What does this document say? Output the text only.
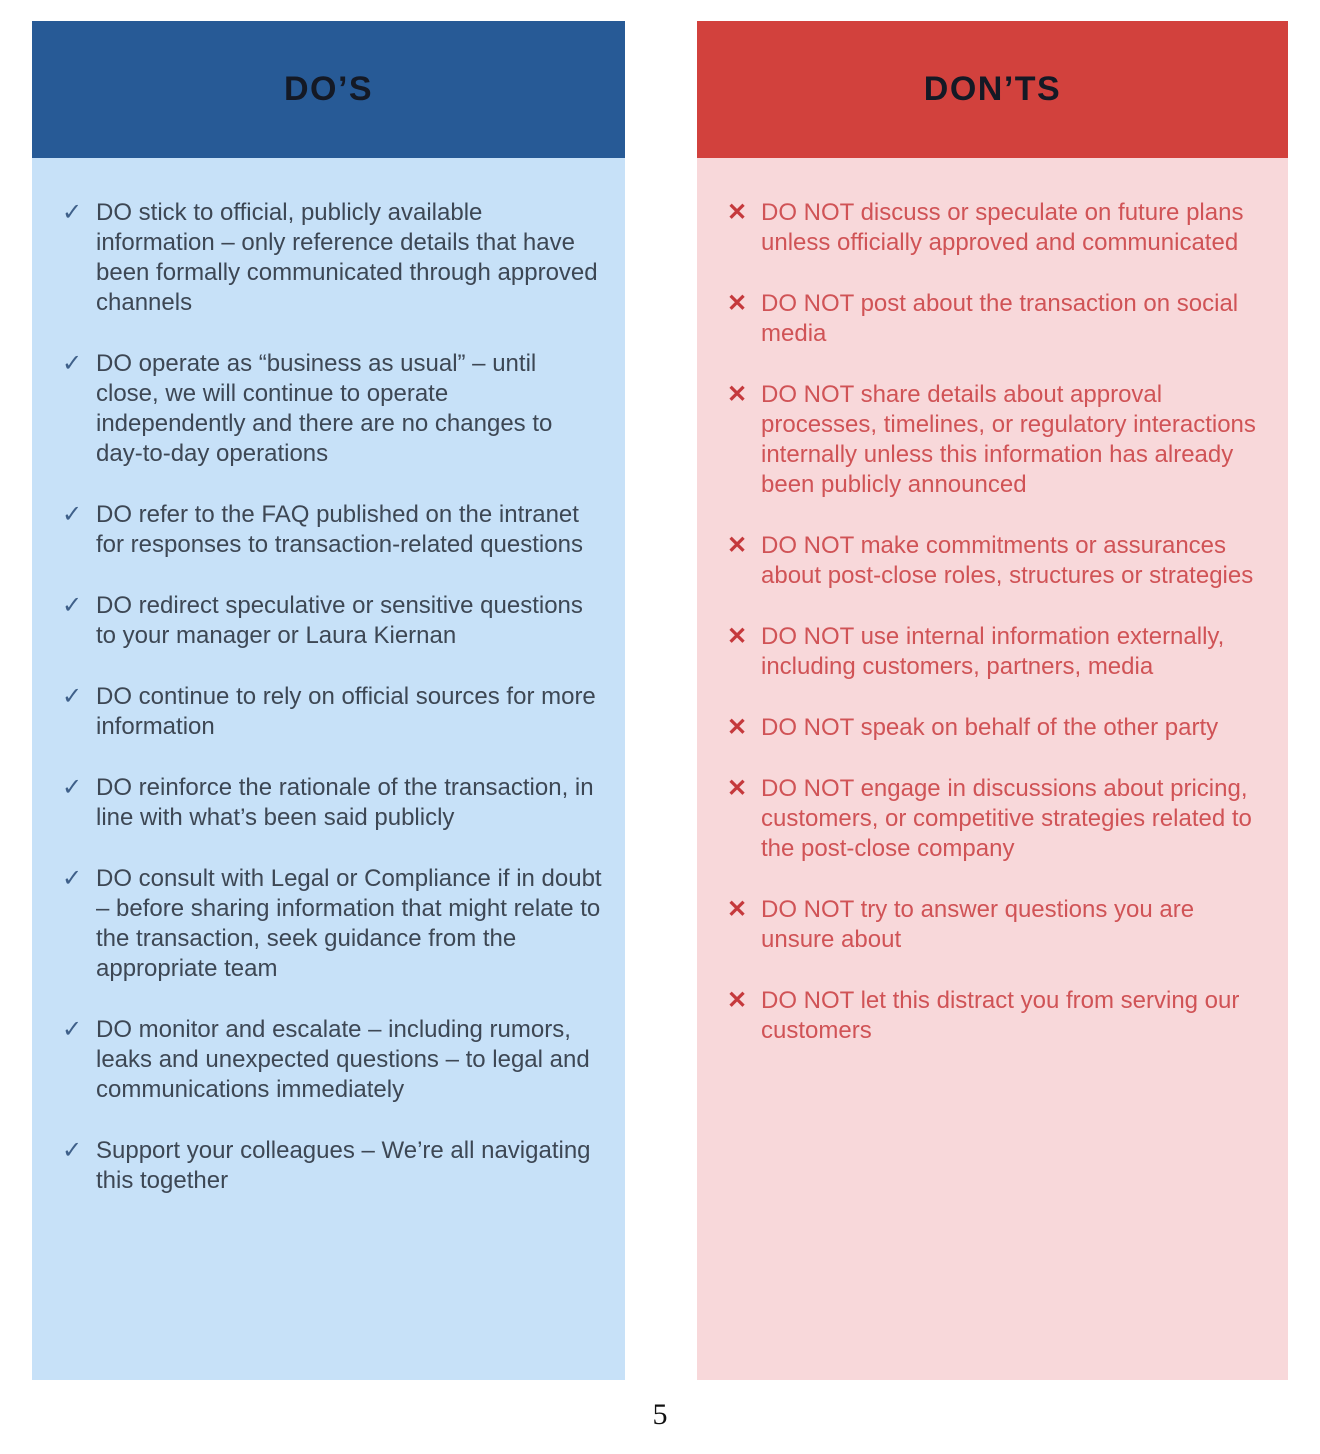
DO’S
✓ DO stick to official, publicly available information – only reference details that have been formally communicated through approved channels
✓ DO operate as “business as usual” – until close, we will continue to operate independently and there are no changes to day-to-day operations
✓ DO refer to the FAQ published on the intranet for responses to transaction-related questions
✓ DO redirect speculative or sensitive questions to your manager or Laura Kiernan
✓ DO continue to rely on official sources for more information
✓ DO reinforce the rationale of the transaction, in line with what’s been said publicly
✓ DO consult with Legal or Compliance if in doubt – before sharing information that might relate to the transaction, seek guidance from the appropriate team
✓ DO monitor and escalate – including rumors, leaks and unexpected questions – to legal and communications immediately
✓ Support your colleagues – We’re all navigating this together
DON’TS
✕ DO NOT discuss or speculate on future plans unless officially approved and communicated
✕ DO NOT post about the transaction on social media
✕ DO NOT share details about approval processes, timelines, or regulatory interactions internally unless this information has already been publicly announced
✕ DO NOT make commitments or assurances about post-close roles, structures or strategies
✕ DO NOT use internal information externally, including customers, partners, media
✕ DO NOT speak on behalf of the other party
✕ DO NOT engage in discussions about pricing, customers, or competitive strategies related to the post-close company
✕ DO NOT try to answer questions you are unsure about
✕ DO NOT let this distract you from serving our customers
5
